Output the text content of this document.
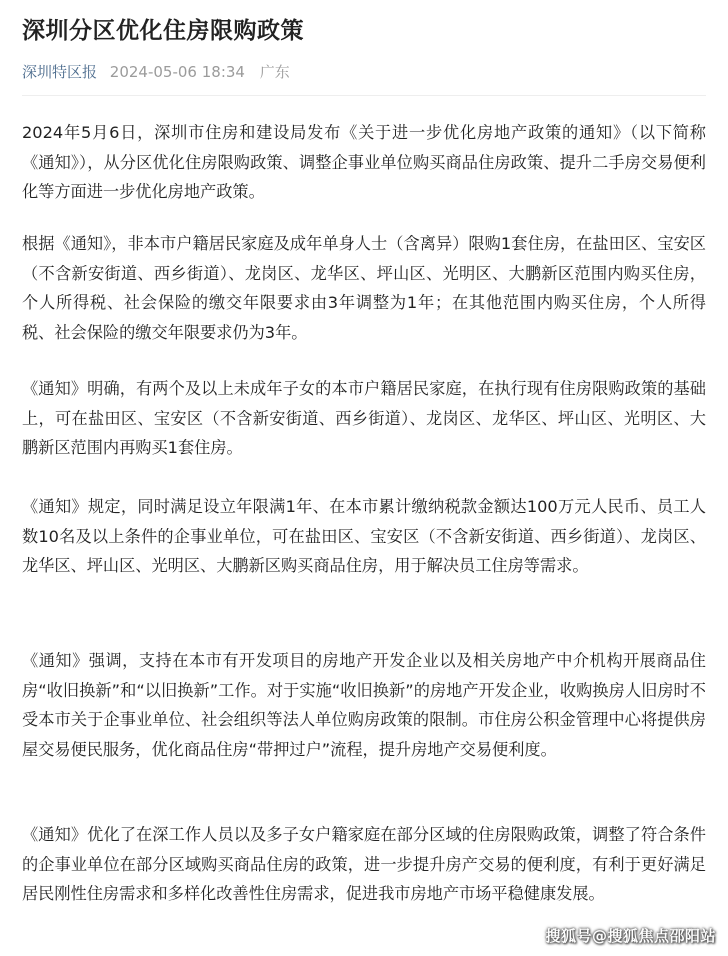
深圳分区优化住房限购政策
深圳特区报 2024-05-06 18:34 广东

2024年5月6日，深圳市住房和建设局发布《关于进一步优化房地产政策的通知》（以下简称《通知》），从分区优化住房限购政策、调整企事业单位购买商品住房政策、提升二手房交易便利化等方面进一步优化房地产政策。

根据《通知》，非本市户籍居民家庭及成年单身人士（含离异）限购1套住房，在盐田区、宝安区（不含新安街道、西乡街道）、龙岗区、龙华区、坪山区、光明区、大鹏新区范围内购买住房，个人所得税、社会保险的缴交年限要求由3年调整为1年；在其他范围内购买住房，个人所得税、社会保险的缴交年限要求仍为3年。

《通知》明确，有两个及以上未成年子女的本市户籍居民家庭，在执行现有住房限购政策的基础上，可在盐田区、宝安区（不含新安街道、西乡街道）、龙岗区、龙华区、坪山区、光明区、大鹏新区范围内再购买1套住房。

《通知》规定，同时满足设立年限满1年、在本市累计缴纳税款金额达100万元人民币、员工人数10名及以上条件的企事业单位，可在盐田区、宝安区（不含新安街道、西乡街道）、龙岗区、龙华区、坪山区、光明区、大鹏新区购买商品住房，用于解决员工住房等需求。

《通知》强调，支持在本市有开发项目的房地产开发企业以及相关房地产中介机构开展商品住房“收旧换新”和“以旧换新”工作。对于实施“收旧换新”的房地产开发企业，收购换房人旧房时不受本市关于企事业单位、社会组织等法人单位购房政策的限制。市住房公积金管理中心将提供房屋交易便民服务，优化商品住房“带押过户”流程，提升房地产交易便利度。

《通知》优化了在深工作人员以及多子女户籍家庭在部分区域的住房限购政策，调整了符合条件的企事业单位在部分区域购买商品住房的政策，进一步提升房产交易的便利度，有利于更好满足居民刚性住房需求和多样化改善性住房需求，促进我市房地产市场平稳健康发展。

搜狐号@搜狐焦点邵阳站
